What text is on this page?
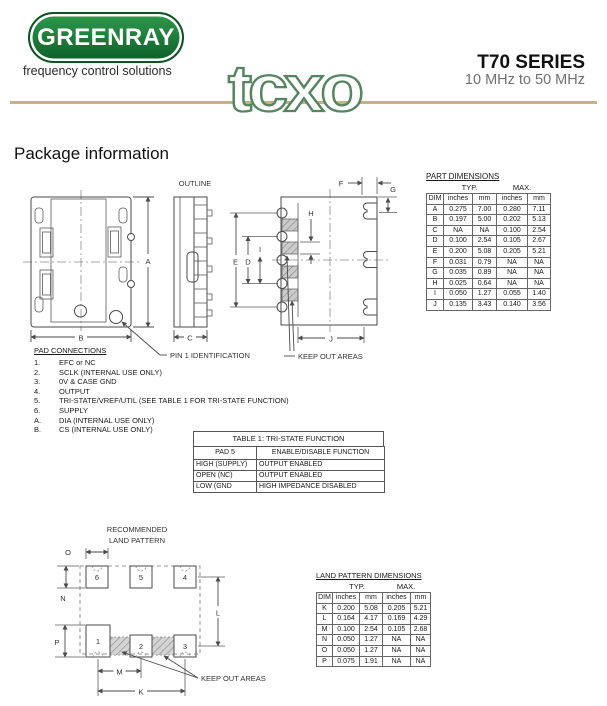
GREENRAY
frequency control solutions	T70 SERIES
10 MHz to 50 MHz
tcxo
Package information
A
B
OUTLINE
C
E D
I
H
F
G
J
KEEP OUT AREAS
PIN 1 IDENTIFICATION
PAD CONNECTIONS
1.	EFC or NC
2.	SCLK (INTERNAL USE ONLY)
3.	0V & CASE GND
4.	OUTPUT
5.	TRI-STATE/VREF/UTIL (SEE TABLE 1 FOR TRI-STATE FUNCTION)
6.	SUPPLY
A.	DIA (INTERNAL USE ONLY)
B.	CS (INTERNAL USE ONLY)
TABLE 1: TRI-STATE FUNCTION
PAD 5	ENABLE/DISABLE FUNCTION
HIGH (SUPPLY)	OUTPUT ENABLED
OPEN (NC)	OUTPUT ENABLED
LOW (GND	HIGH IMPEDANCE DISABLED
PART DIMENSIONS
TYP.	MAX.
DIM	inches	mm	inches	mm
A	0.275	7.00	0.280	7.11
B	0.197	5.00	0.202	5.13
C	NA	NA	0.100	2.54
D	0.100	2.54	0.105	2.67
E	0.200	5.08	0.205	5.21
F	0.031	0.79	NA	NA
G	0.035	0.89	NA	NA
H	0.025	0.64	NA	NA
I	0.050	1.27	0.055	1.40
J	0.135	3.43	0.140	3.56
RECOMMENDED
LAND PATTERN
6	5	4
1
2	3
O
N
P
L
M
K
KEEP OUT AREAS
LAND PATTERN DIMENSIONS
TYP.	MAX.
DIM	inches	mm	inches	mm
K	0.200	5.08	0.205	5.21
L	0.164	4.17	0.169	4.29
M	0.100	2.54	0.105	2.68
N	0.050	1.27	NA	NA
O	0.050	1.27	NA	NA
P	0.075	1.91	NA	NA
